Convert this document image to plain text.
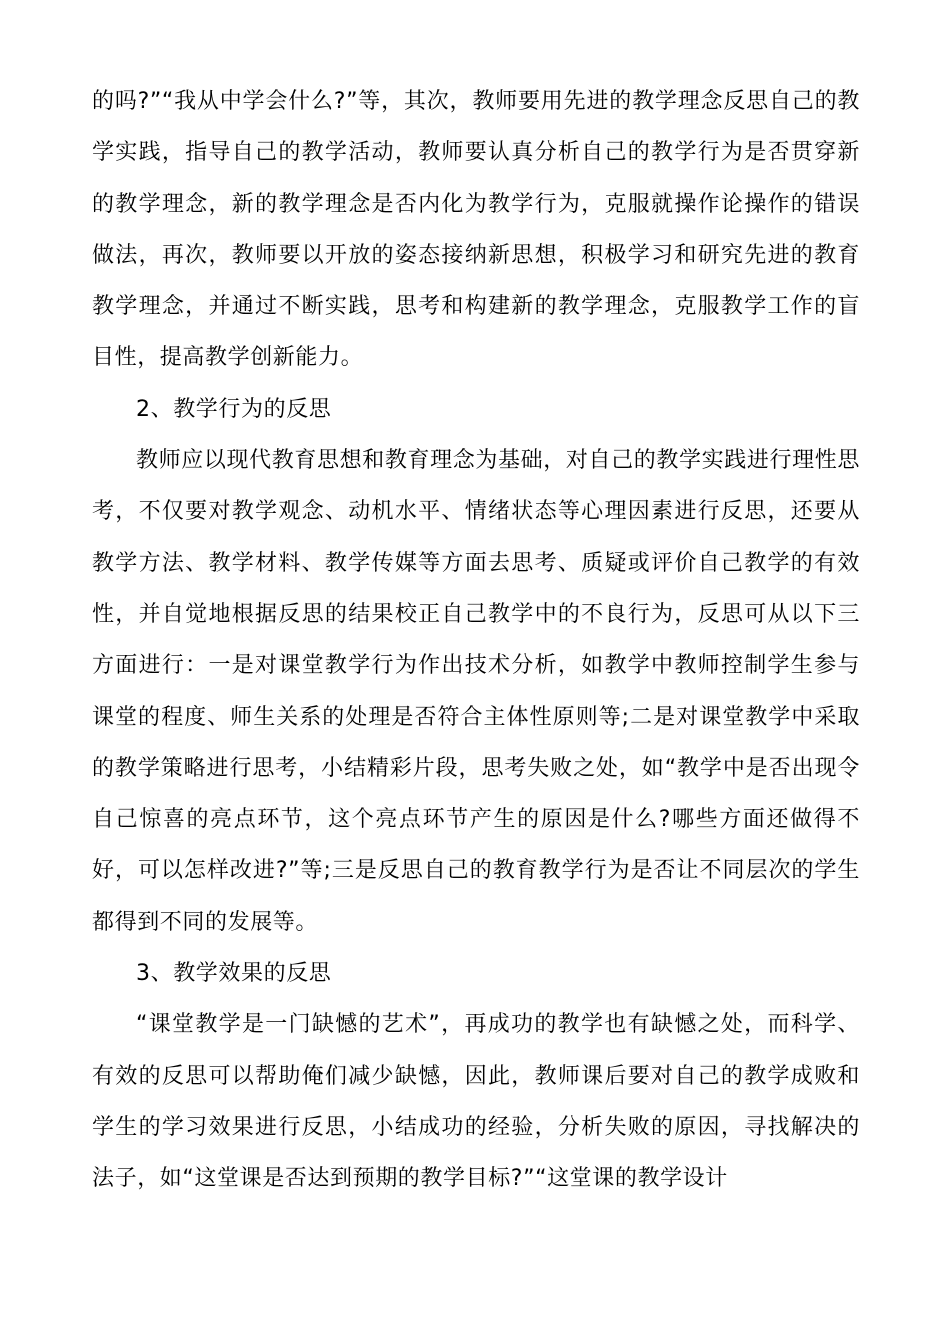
的吗?”“我从中学会什么?”等，其次，教师要用先进的教学理念反思自己的教学实践，指导自己的教学活动，教师要认真分析自己的教学行为是否贯穿新的教学理念，新的教学理念是否内化为教学行为，克服就操作论操作的错误做法，再次，教师要以开放的姿态接纳新思想，积极学习和研究先进的教育教学理念，并通过不断实践，思考和构建新的教学理念，克服教学工作的盲目性，提高教学创新能力。

2、教学行为的反思

教师应以现代教育思想和教育理念为基础，对自己的教学实践进行理性思考，不仅要对教学观念、动机水平、情绪状态等心理因素进行反思，还要从教学方法、教学材料、教学传媒等方面去思考、质疑或评价自己教学的有效性，并自觉地根据反思的结果校正自己教学中的不良行为，反思可从以下三方面进行：一是对课堂教学行为作出技术分析，如教学中教师控制学生参与课堂的程度、师生关系的处理是否符合主体性原则等;二是对课堂教学中采取的教学策略进行思考，小结精彩片段，思考失败之处，如“教学中是否出现令自己惊喜的亮点环节，这个亮点环节产生的原因是什么?哪些方面还做得不好，可以怎样改进?”等;三是反思自己的教育教学行为是否让不同层次的学生都得到不同的发展等。

3、教学效果的反思

“课堂教学是一门缺憾的艺术”，再成功的教学也有缺憾之处，而科学、有效的反思可以帮助俺们减少缺憾，因此，教师课后要对自己的教学成败和学生的学习效果进行反思，小结成功的经验，分析失败的原因，寻找解决的法子，如“这堂课是否达到预期的教学目标?”“这堂课的教学设计
